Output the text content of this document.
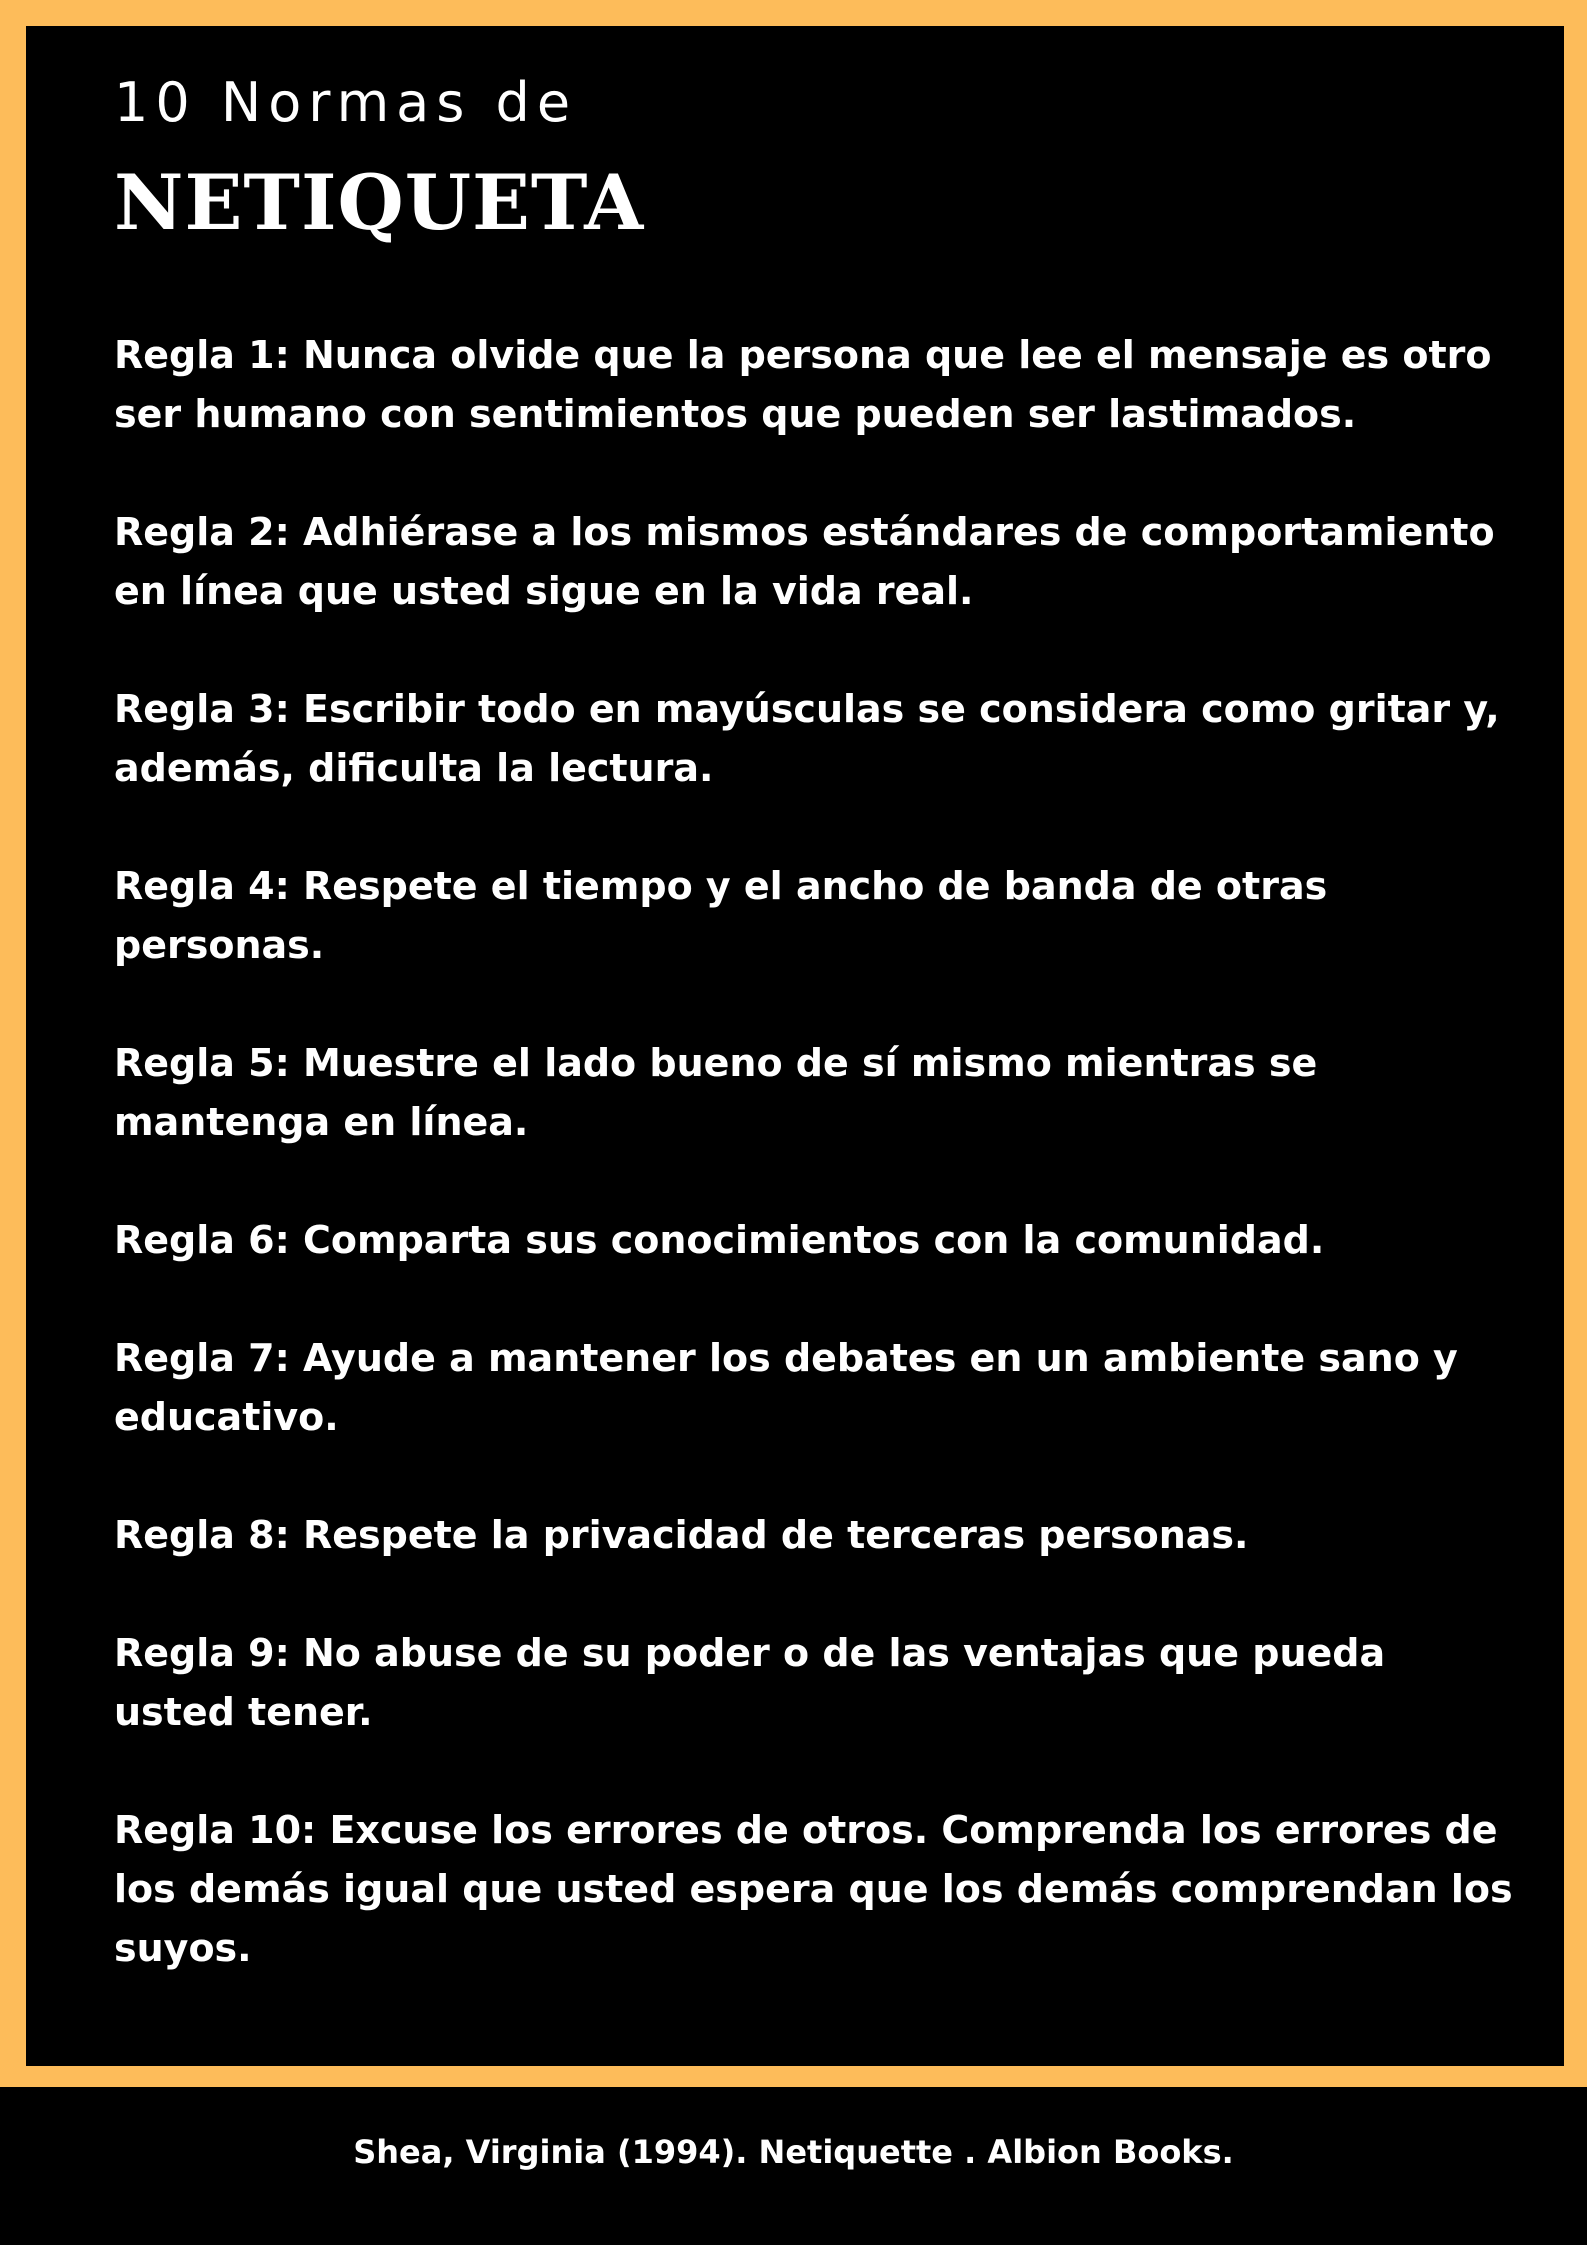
10 Normas de

NETIQUETA
Regla 1: Nunca olvide que la persona que lee el mensaje es otro ser humano con sentimientos que pueden ser lastimados.
Regla 2: Adhiérase a los mismos estándares de comportamiento en línea que usted sigue en la vida real.
Regla 3: Escribir todo en mayúsculas se considera como gritar y, además, dificulta la lectura.
Regla 4: Respete el tiempo y el ancho de banda de otras personas.
Regla 5: Muestre el lado bueno de sí mismo mientras se mantenga en línea.
Regla 6: Comparta sus conocimientos con la comunidad.
Regla 7: Ayude a mantener los debates en un ambiente sano y educativo.
Regla 8: Respete la privacidad de terceras personas.
Regla 9: No abuse de su poder o de las ventajas que pueda usted tener.
Regla 10: Excuse los errores de otros. Comprenda los errores de los demás igual que usted espera que los demás comprendan los suyos.

Shea, Virginia (1994). Netiquette . Albion Books.
